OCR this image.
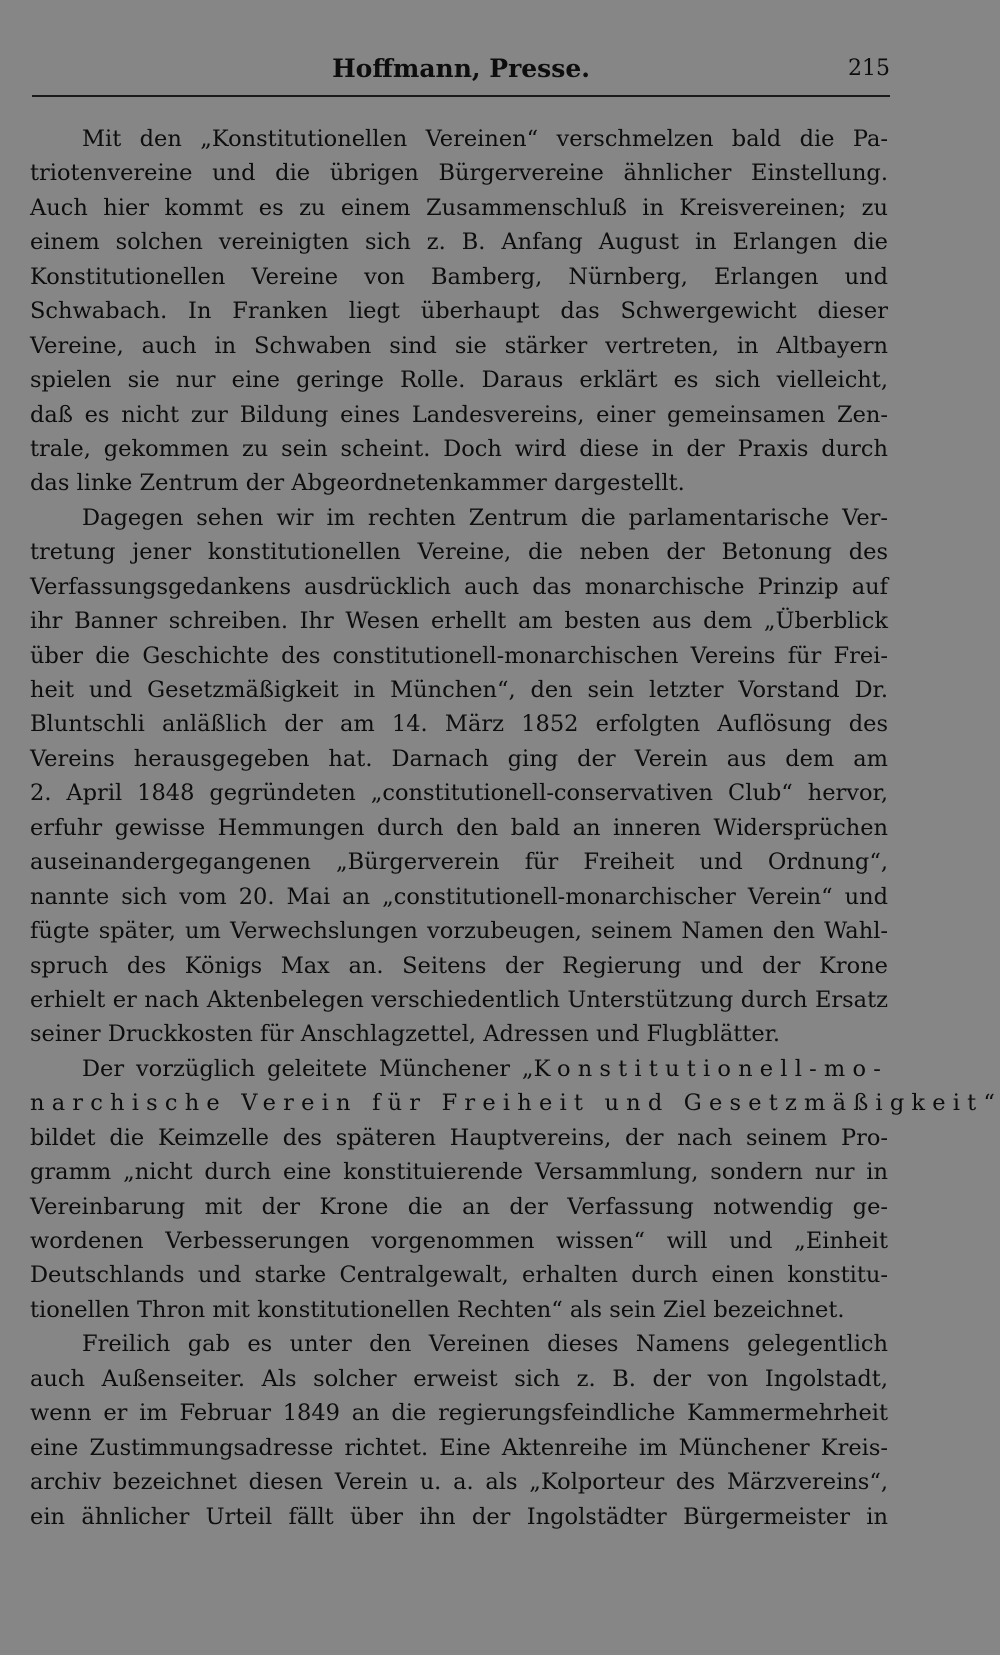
Hoffmann, Presse.	215
Mit den „Konstitutionellen Vereinen“ verschmelzen bald die Pa-
triotenvereine und die übrigen Bürgervereine ähnlicher Einstellung.
Auch hier kommt es zu einem Zusammenschluß in Kreisvereinen; zu
einem solchen vereinigten sich z. B. Anfang August in Erlangen die
Konstitutionellen Vereine von Bamberg, Nürnberg, Erlangen und
Schwabach. In Franken liegt überhaupt das Schwergewicht dieser
Vereine, auch in Schwaben sind sie stärker vertreten, in Altbayern
spielen sie nur eine geringe Rolle. Daraus erklärt es sich vielleicht,
daß es nicht zur Bildung eines Landesvereins, einer gemeinsamen Zen-
trale, gekommen zu sein scheint. Doch wird diese in der Praxis durch
das linke Zentrum der Abgeordnetenkammer dargestellt.
Dagegen sehen wir im rechten Zentrum die parlamentarische Ver-
tretung jener konstitutionellen Vereine, die neben der Betonung des
Verfassungsgedankens ausdrücklich auch das monarchische Prinzip auf
ihr Banner schreiben. Ihr Wesen erhellt am besten aus dem „Überblick
über die Geschichte des constitutionell-monarchischen Vereins für Frei-
heit und Gesetzmäßigkeit in München“, den sein letzter Vorstand Dr.
Bluntschli anläßlich der am 14. März 1852 erfolgten Auflösung des
Vereins herausgegeben hat. Darnach ging der Verein aus dem am
2. April 1848 gegründeten „constitutionell-conservativen Club“ hervor,
erfuhr gewisse Hemmungen durch den bald an inneren Widersprüchen
auseinandergegangenen „Bürgerverein für Freiheit und Ordnung“,
nannte sich vom 20. Mai an „constitutionell-monarchischer Verein“ und
fügte später, um Verwechslungen vorzubeugen, seinem Namen den Wahl-
spruch des Königs Max an. Seitens der Regierung und der Krone
erhielt er nach Aktenbelegen verschiedentlich Unterstützung durch Ersatz
seiner Druckkosten für Anschlagzettel, Adressen und Flugblätter.
Der vorzüglich geleitete Münchener „Konstitutionell-mo-
narchische Verein für Freiheit und Gesetzmäßigkeit“
bildet die Keimzelle des späteren Hauptvereins, der nach seinem Pro-
gramm „nicht durch eine konstituierende Versammlung, sondern nur in
Vereinbarung mit der Krone die an der Verfassung notwendig ge-
wordenen Verbesserungen vorgenommen wissen“ will und „Einheit
Deutschlands und starke Centralgewalt, erhalten durch einen konstitu-
tionellen Thron mit konstitutionellen Rechten“ als sein Ziel bezeichnet.
Freilich gab es unter den Vereinen dieses Namens gelegentlich
auch Außenseiter. Als solcher erweist sich z. B. der von Ingolstadt,
wenn er im Februar 1849 an die regierungsfeindliche Kammermehrheit
eine Zustimmungsadresse richtet. Eine Aktenreihe im Münchener Kreis-
archiv bezeichnet diesen Verein u. a. als „Kolporteur des Märzvereins“,
ein ähnlicher Urteil fällt über ihn der Ingolstädter Bürgermeister in
